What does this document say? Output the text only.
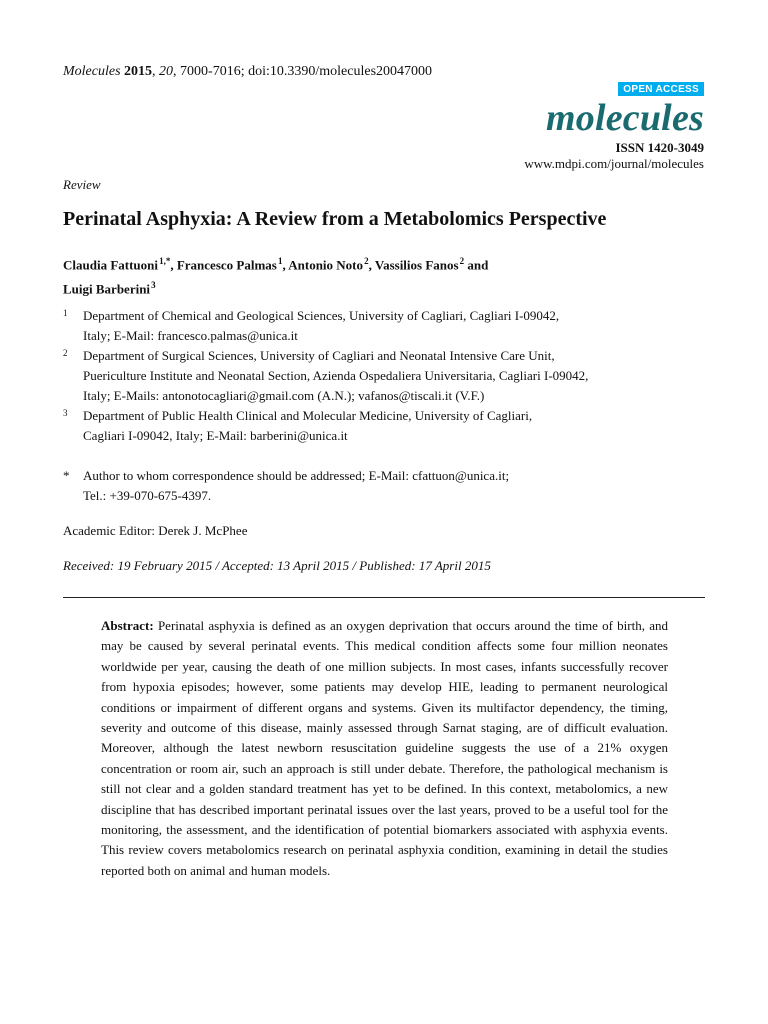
Molecules 2015, 20, 7000-7016; doi:10.3390/molecules20047000
OPEN ACCESS
molecules
ISSN 1420-3049
www.mdpi.com/journal/molecules
Review
Perinatal Asphyxia: A Review from a Metabolomics Perspective
Claudia Fattuoni $^{1,*}$, Francesco Palmas $^1$, Antonio Noto $^2$, Vassilios Fanos $^2$ and
Luigi Barberini $^3$
1 Department of Chemical and Geological Sciences, University of Cagliari, Cagliari I-09042,
Italy; E-Mail: francesco.palmas@unica.it
2 Department of Surgical Sciences, University of Cagliari and Neonatal Intensive Care Unit,
Puericulture Institute and Neonatal Section, Azienda Ospedaliera Universitaria, Cagliari I-09042,
Italy; E-Mails: antonotocagliari@gmail.com (A.N.); vafanos@tiscali.it (V.F.)
3 Department of Public Health Clinical and Molecular Medicine, University of Cagliari,
Cagliari I-09042, Italy; E-Mail: barberini@unica.it
* Author to whom correspondence should be addressed; E-Mail: cfattuon@unica.it;
Tel.: +39-070-675-4397.
Academic Editor: Derek J. McPhee
Received: 19 February 2015 / Accepted: 13 April 2015 / Published: 17 April 2015
Abstract: Perinatal asphyxia is defined as an oxygen deprivation that occurs around the time of birth, and may be caused by several perinatal events. This medical condition affects some four million neonates worldwide per year, causing the death of one million subjects. In most cases, infants successfully recover from hypoxia episodes; however, some patients may develop HIE, leading to permanent neurological conditions or impairment of different organs and systems. Given its multifactor dependency, the timing, severity and outcome of this disease, mainly assessed through Sarnat staging, are of difficult evaluation. Moreover, although the latest newborn resuscitation guideline suggests the use of a 21% oxygen concentration or room air, such an approach is still under debate. Therefore, the pathological mechanism is still not clear and a golden standard treatment has yet to be defined. In this context, metabolomics, a new discipline that has described important perinatal issues over the last years, proved to be a useful tool for the monitoring, the assessment, and the identification of potential biomarkers associated with asphyxia events. This review covers metabolomics research on perinatal asphyxia condition, examining in detail the studies reported both on animal and human models.
